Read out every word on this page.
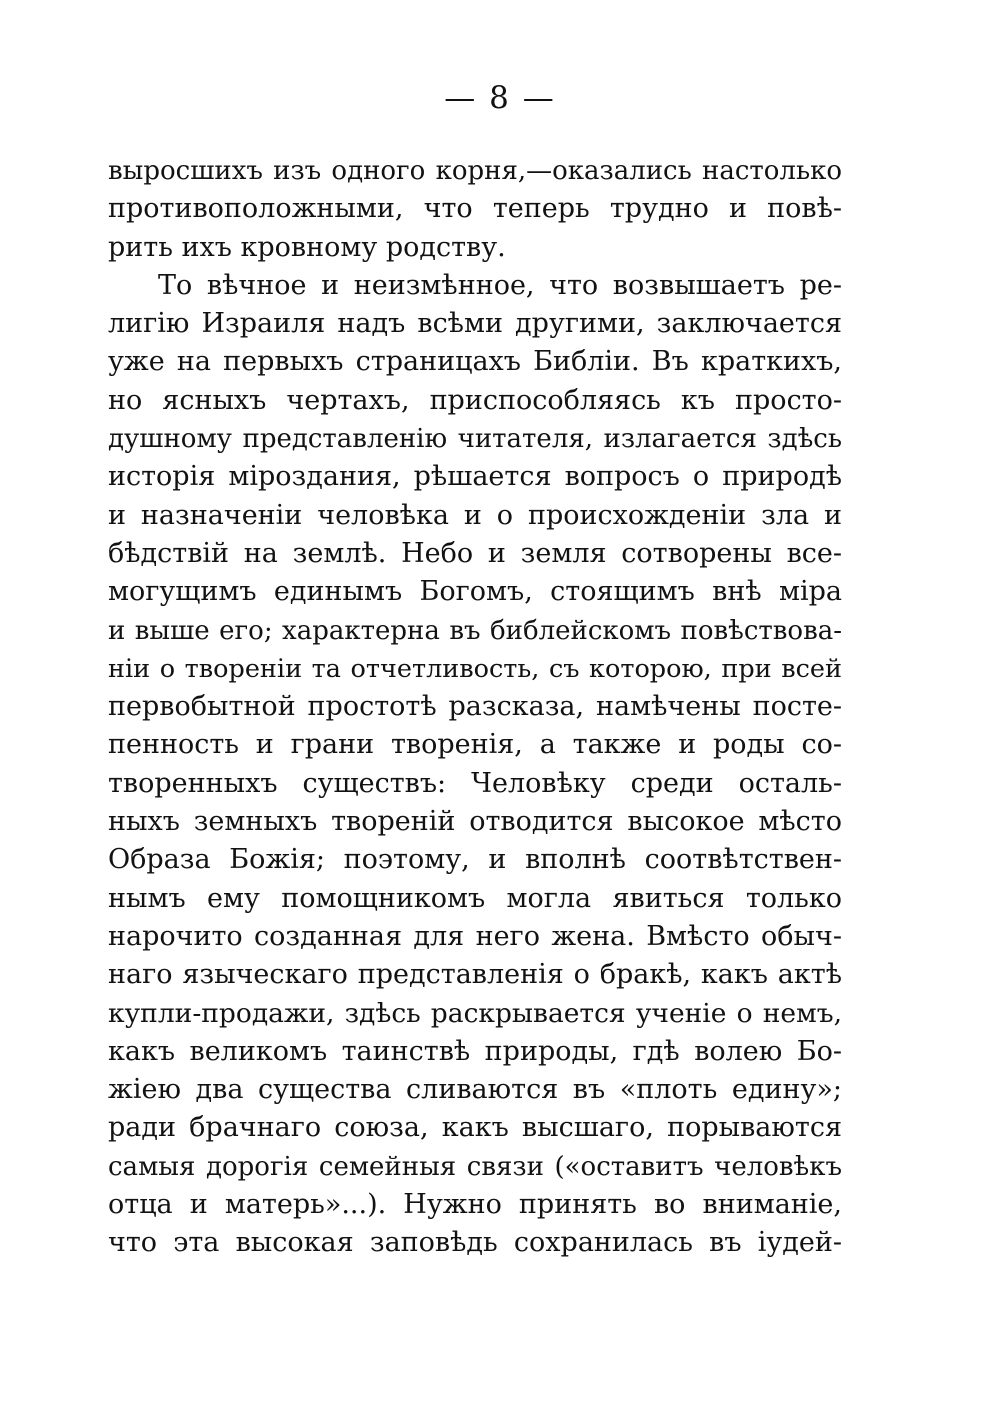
— 8 —
выросшихъ изъ одного корня,—оказались настолько
противоположными, что теперь трудно и повѣ-
рить ихъ кровному родству.
То вѣчное и неизмѣнное, что возвышаетъ ре-
лигію Израиля надъ всѣми другими, заключается
уже на первыхъ страницахъ Библіи. Въ краткихъ,
но ясныхъ чертахъ, приспособляясь къ просто-
душному представленію читателя, излагается здѣсь
исторія міроздания, рѣшается вопросъ о природѣ
и назначеніи человѣка и о происхожденіи зла и
бѣдствій на землѣ. Небо и земля сотворены все-
могущимъ единымъ Богомъ, стоящимъ внѣ міра
и выше его; характерна въ библейскомъ повѣствова-
ніи о твореніи та отчетливость, съ которою, при всей
первобытной простотѣ разсказа, намѣчены посте-
пенность и грани творенія, а также и роды со-
творенныхъ существъ: Человѣку среди осталь-
ныхъ земныхъ твореній отводится высокое мѣсто
Образа Божія; поэтому, и вполнѣ соотвѣтствен-
нымъ ему помощникомъ могла явиться только
нарочито созданная для него жена. Вмѣсто обыч-
наго языческаго представленія о бракѣ, какъ актѣ
купли-продажи, здѣсь раскрывается ученіе о немъ,
какъ великомъ таинствѣ природы, гдѣ волею Бо-
жіею два существа сливаются въ «плоть едину»;
ради брачнаго союза, какъ высшаго, порываются
самыя дорогія семейныя связи («оставитъ человѣкъ
отца и матерь»...). Нужно принять во вниманіе,
что эта высокая заповѣдь сохранилась въ іудей-
